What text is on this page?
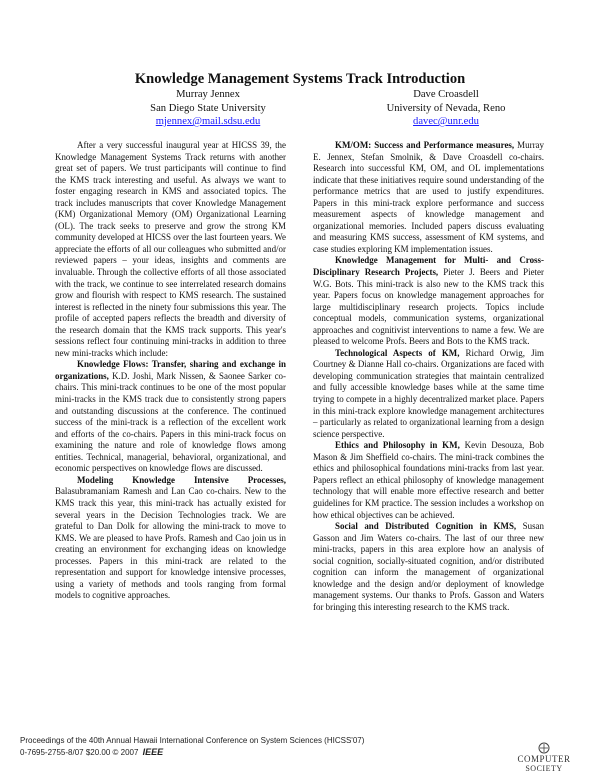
Knowledge Management Systems Track Introduction
Murray Jennex
San Diego State University
mjennex@mail.sdsu.edu
Dave Croasdell
University of Nevada, Reno
davec@unr.edu

After a very successful inaugural year at HICSS 39, the Knowledge Management Systems Track returns with another great set of papers. We trust participants will continue to find the KMS track interesting and useful. As always we want to foster engaging research in KMS and associated topics. The track includes manuscripts that cover Knowledge Management (KM) Organizational Memory (OM) Organizational Learning (OL). The track seeks to preserve and grow the strong KM community developed at HICSS over the last fourteen years. We appreciate the efforts of all our colleagues who submitted and/or reviewed papers – your ideas, insights and comments are invaluable. Through the collective efforts of all those associated with the track, we continue to see interrelated research domains grow and flourish with respect to KMS research. The sustained interest is reflected in the ninety four submissions this year. The profile of accepted papers reflects the breadth and diversity of the research domain that the KMS track supports. This year's sessions reflect four continuing mini-tracks in addition to three new mini-tracks which include:

Knowledge Flows: Transfer, sharing and exchange in organizations, K.D. Joshi, Mark Nissen, & Saonee Sarker co-chairs. This mini-track continues to be one of the most popular mini-tracks in the KMS track due to consistently strong papers and outstanding discussions at the conference. The continued success of the mini-track is a reflection of the excellent work and efforts of the co-chairs. Papers in this mini-track focus on examining the nature and role of knowledge flows among entities. Technical, managerial, behavioral, organizational, and economic perspectives on knowledge flows are discussed.

Modeling Knowledge Intensive Processes, Balasubramaniam Ramesh and Lan Cao co-chairs. New to the KMS track this year, this mini-track has actually existed for several years in the Decision Technologies track. We are grateful to Dan Dolk for allowing the mini-track to move to KMS. We are pleased to have Profs. Ramesh and Cao join us in creating an environment for exchanging ideas on knowledge processes. Papers in this mini-track are related to the representation and support for knowledge intensive processes, using a variety of methods and tools ranging from formal models to cognitive approaches.

KM/OM: Success and Performance measures, Murray E. Jennex, Stefan Smolnik, & Dave Croasdell co-chairs. Research into successful KM, OM, and OL implementations indicate that these initiatives require sound understanding of the performance metrics that are used to justify expenditures. Papers in this mini-track explore performance and success measurement aspects of knowledge management and organizational memories. Included papers discuss evaluating and measuring KMS success, assessment of KM systems, and case studies exploring KM implementation issues.

Knowledge Management for Multi- and Cross-Disciplinary Research Projects, Pieter J. Beers and Pieter W.G. Bots. This mini-track is also new to the KMS track this year. Papers focus on knowledge management approaches for large multidisciplinary research projects. Topics include conceptual models, communication systems, organizational approaches and cognitivist interventions to name a few. We are pleased to welcome Profs. Beers and Bots to the KMS track.

Technological Aspects of KM, Richard Orwig, Jim Courtney & Dianne Hall co-chairs. Organizations are faced with developing communication strategies that maintain centralized and fully accessible knowledge bases while at the same time trying to compete in a highly decentralized market place. Papers in this mini-track explore knowledge management architectures – particularly as related to organizational learning from a design science perspective.

Ethics and Philosophy in KM, Kevin Desouza, Bob Mason & Jim Sheffield co-chairs. The mini-track combines the ethics and philosophical foundations mini-tracks from last year. Papers reflect an ethical philosophy of knowledge management technology that will enable more effective research and better guidelines for KM practice. The session includes a workshop on how ethical objectives can be achieved.

Social and Distributed Cognition in KMS, Susan Gasson and Jim Waters co-chairs. The last of our three new mini-tracks, papers in this area explore how an analysis of social cognition, socially-situated cognition, and/or distributed cognition can inform the management of organizational knowledge and the design and/or deployment of knowledge management systems. Our thanks to Profs. Gasson and Waters for bringing this interesting research to the KMS track.

Proceedings of the 40th Annual Hawaii International Conference on System Sciences (HICSS'07)
0-7695-2755-8/07 $20.00 © 2007 IEEE
COMPUTER
SOCIETY
